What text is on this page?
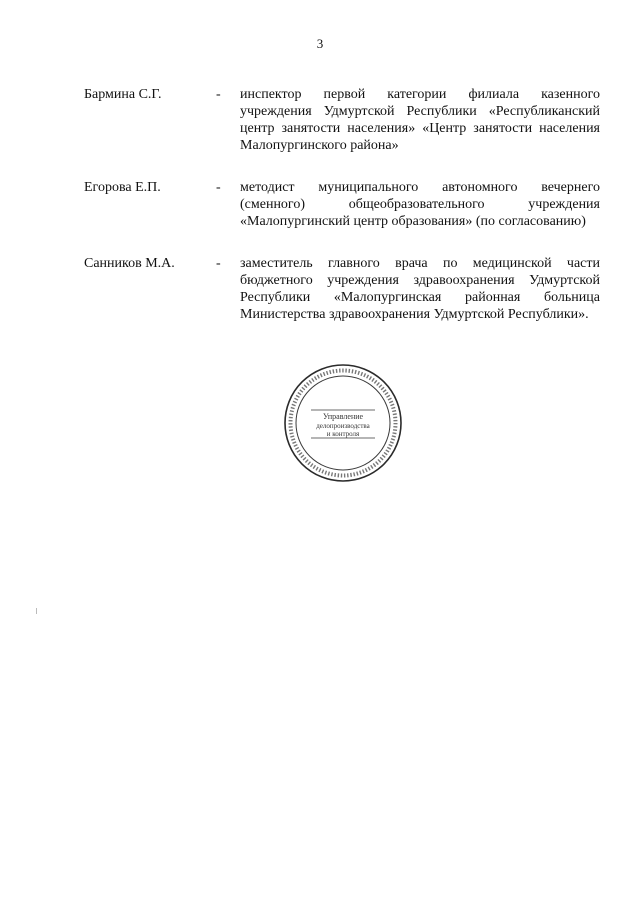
3
Бармина С.Г.	-	инспектор первой категории филиала казенного учреждения Удмуртской Республики «Республиканский центр занятости населения» «Центр занятости населения Малопургинского района»
Егорова Е.П.	-	методист муниципального автономного вечернего (сменного) общеобразовательного учреждения «Малопургинский центр образования» (по согласованию)
Санников М.А.	-	заместитель главного врача по медицинской части бюджетного учреждения здравоохранения Удмуртской Республики «Малопургинская районная больница Министерства здравоохранения Удмуртской Республики».
Управление
делопроизводства
и контроля
